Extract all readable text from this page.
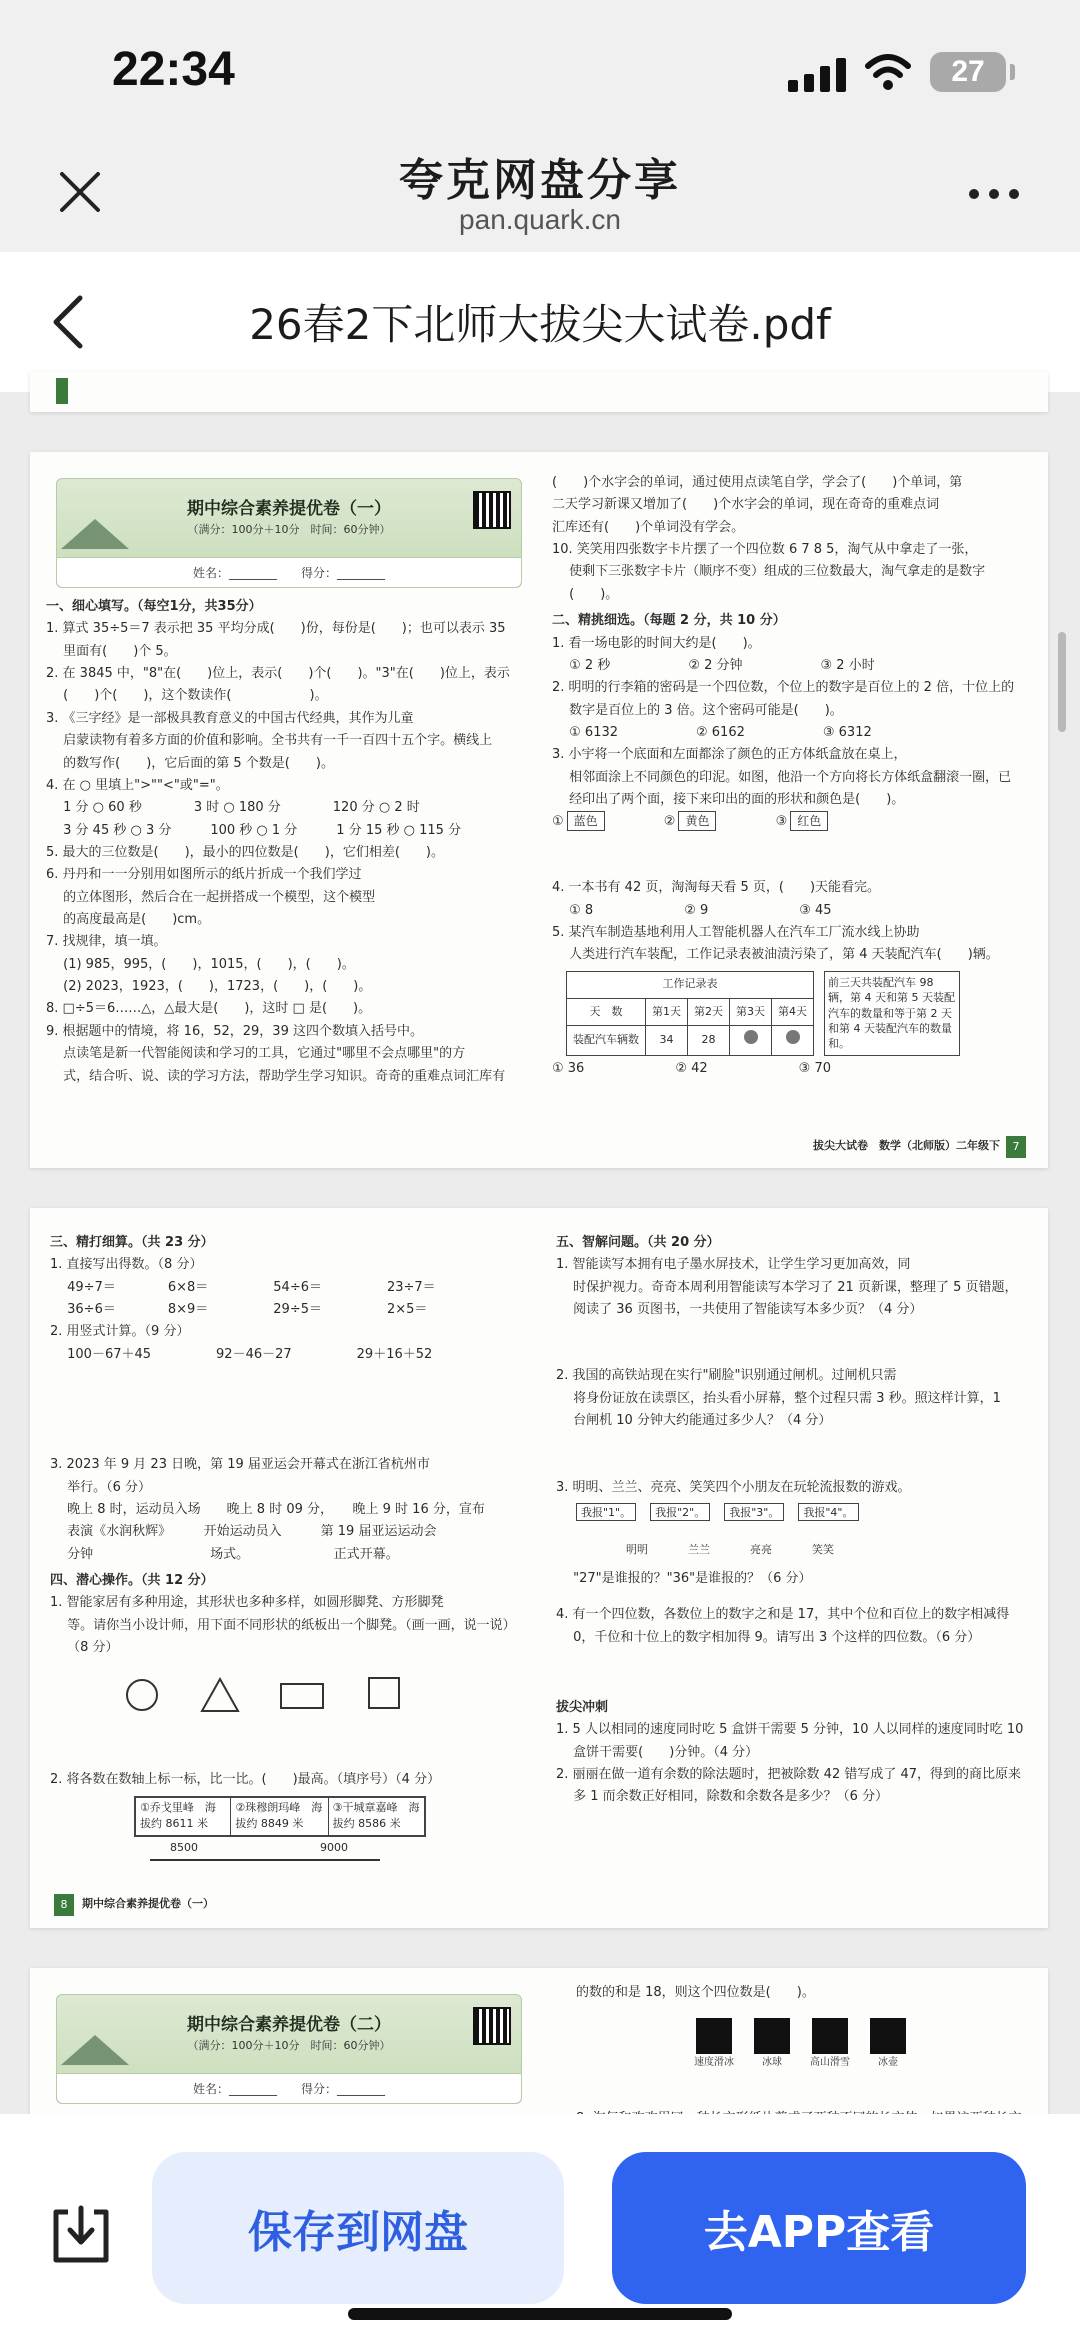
22:34	27
夸克网盘分享
pan.quark.cn
26春2下北师大拔尖大试卷.pdf
期中综合素养提优卷（一）
（满分：100分＋10分　时间：60分钟）
姓名：________　　得分：________

一、细心填写。（每空1分，共35分）

1. 算式 35÷5＝7 表示把 35 平均分成(　　)份，每份是(　　)；也可以表示 35

　 里面有(　　)个 5。

2. 在 3845 中，"8"在(　　)位上，表示(　　)个(　　)。"3"在(　　)位上，表示

　 (　　)个(　　)，这个数读作(　　　　　　)。

3. 《三字经》是一部极具教育意义的中国古代经典，其作为儿童

　 启蒙读物有着多方面的价值和影响。全书共有一千一百四十五个字。横线上

　 的数写作(　　)，它后面的第 5 个数是(　　)。

4. 在 ○ 里填上">""<"或"="。

　 1 分 ○ 60 秒　　　　3 时 ○ 180 分　　　　120 分 ○ 2 时

　 3 分 45 秒 ○ 3 分　　　100 秒 ○ 1 分　　　1 分 15 秒 ○ 115 分

5. 最大的三位数是(　　)，最小的四位数是(　　)，它们相差(　　)。

6. 丹丹和一一分别用如图所示的纸片折成一个我们学过

　 的立体图形，然后合在一起拼搭成一个模型，这个模型

　 的高度最高是(　　)cm。

7. 找规律，填一填。

　 (1) 985，995，(　　)，1015，(　　)，(　　)。

　 (2) 2023，1923，(　　)，1723，(　　)，(　　)。

8. □÷5＝6……△，△最大是(　　)，这时 □ 是(　　)。

9. 根据题中的情境，将 16，52，29，39 这四个数填入括号中。

　 点读笔是新一代智能阅读和学习的工具，它通过"哪里不会点哪里"的方

　 式，结合听、说、读的学习方法，帮助学生学习知识。奇奇的重难点词汇库有

(　　)个水字会的单词，通过使用点读笔自学，学会了(　　)个单词，第

二天学习新课又增加了(　　)个水字会的单词，现在奇奇的重难点词

汇库还有(　　)个单词没有学会。

10. 笑笑用四张数字卡片摆了一个四位数 6 7 8 5，淘气从中拿走了一张，

　 使剩下三张数字卡片（顺序不变）组成的三位数最大，淘气拿走的是数字

　 (　　)。

二、精挑细选。（每题 2 分，共 10 分）

1. 看一场电影的时间大约是(　　)。

　 ① 2 秒　　　　　　② 2 分钟　　　　　　③ 2 小时

2. 明明的行李箱的密码是一个四位数，个位上的数字是百位上的 2 倍，十位上的

　 数字是百位上的 3 倍。这个密码可能是(　　)。

　 ① 6132　　　　　　② 6162　　　　　　③ 6312

3. 小宇将一个底面和左面都涂了颜色的正方体纸盒放在桌上，

　 相邻面涂上不同颜色的印泥。如图，他沿一个方向将长方体纸盒翻滚一圈，已

　 经印出了两个面，接下来印出的面的形状和颜色是(　　)。

① 蓝色 　　　　② 黄色 　　　　③ 红色

4. 一本书有 42 页，淘淘每天看 5 页，(　　)天能看完。

　 ① 8　　　　　　　② 9　　　　　　　③ 45

5. 某汽车制造基地利用人工智能机器人在汽车工厂流水线上协助

　 人类进行汽车装配，工作记录表被油渍污染了，第 4 天装配汽车(　　)辆。

工作记录表				
天　数	第1天	第2天	第3天	第4天
装配汽车辆数	34	28		
前三天共装配汽车 98 辆，第 4 天和第 5 天装配汽车的数量和等于第 2 天和第 4 天装配汽车的数量和。

① 36　　　　　　　② 42　　　　　　　③ 70

拔尖大试卷　数学（北师版）二年级下	7

三、精打细算。（共 23 分）

1. 直接写出得数。（8 分）

　 49÷7＝　　　　6×8＝　　　　　54÷6＝　　　　　23÷7＝

　 36÷6＝　　　　8×9＝　　　　　29÷5＝　　　　　2×5＝

2. 用竖式计算。（9 分）

　 100－67＋45　　　　　92－46－27　　　　　29＋16＋52

3. 2023 年 9 月 23 日晚，第 19 届亚运会开幕式在浙江省杭州市

　 举行。（6 分）

　 晚上 8 时，运动员入场　　晚上 8 时 09 分，　　晚上 9 时 16 分，宣布

　 表演《水润秋辉》　　　开始运动员入　　　第 19 届亚运运动会

　 分钟　　　　　　　　　场式。　　　　　　　正式开幕。

四、潜心操作。（共 12 分）

1. 智能家居有多种用途，其形状也多种多样，如圆形脚凳、方形脚凳

　 等。请你当小设计师，用下面不同形状的纸板出一个脚凳。（画一画，说一说）

　 （8 分）

2. 将各数在数轴上标一标，比一比。(　　)最高。（填序号）（4 分）

①乔戈里峰　海拔约 8611 米
②珠穆朗玛峰　海拔约 8849 米
③干城章嘉峰　海拔约 8586 米
8500	9000

五、智解问题。（共 20 分）

1. 智能读写本拥有电子墨水屏技术，让学生学习更加高效，同

　 时保护视力。奇奇本周利用智能读写本学习了 21 页新课，整理了 5 页错题，

　 阅读了 36 页图书，一共使用了智能读写本多少页？（4 分）

2. 我国的高铁站现在实行"刷脸"识别通过闸机。过闸机只需

　 将身份证放在读票区，抬头看小屏幕，整个过程只需 3 秒。照这样计算，1

　 台闸机 10 分钟大约能通过多少人？（4 分）

3. 明明、兰兰、亮亮、笑笑四个小朋友在玩轮流报数的游戏。

我报"1"。	我报"2"。	我报"3"。	我报"4"。
明明	兰兰	亮亮	笑笑

　 "27"是谁报的？"36"是谁报的？（6 分）

4. 有一个四位数，各数位上的数字之和是 17，其中个位和百位上的数字相减得

　 0，千位和十位上的数字相加得 9。请写出 3 个这样的四位数。（6 分）

拔尖冲刺

1. 5 人以相同的速度同时吃 5 盒饼干需要 5 分钟，10 人以同样的速度同时吃 10

　 盒饼干需要(　　)分钟。（4 分）

2. 丽丽在做一道有余数的除法题时，把被除数 42 错写成了 47，得到的商比原来

　 多 1 而余数正好相同，除数和余数各是多少？（6 分）

8	期中综合素养提优卷（一）
期中综合素养提优卷（二）
（满分：100分＋10分　时间：60分钟）
姓名：________　　得分：________

的数的和是 18，则这个四位数是(　　)。

速度滑冰	冰球	高山滑雪	冰壶

保存到网盘	去APP查看
